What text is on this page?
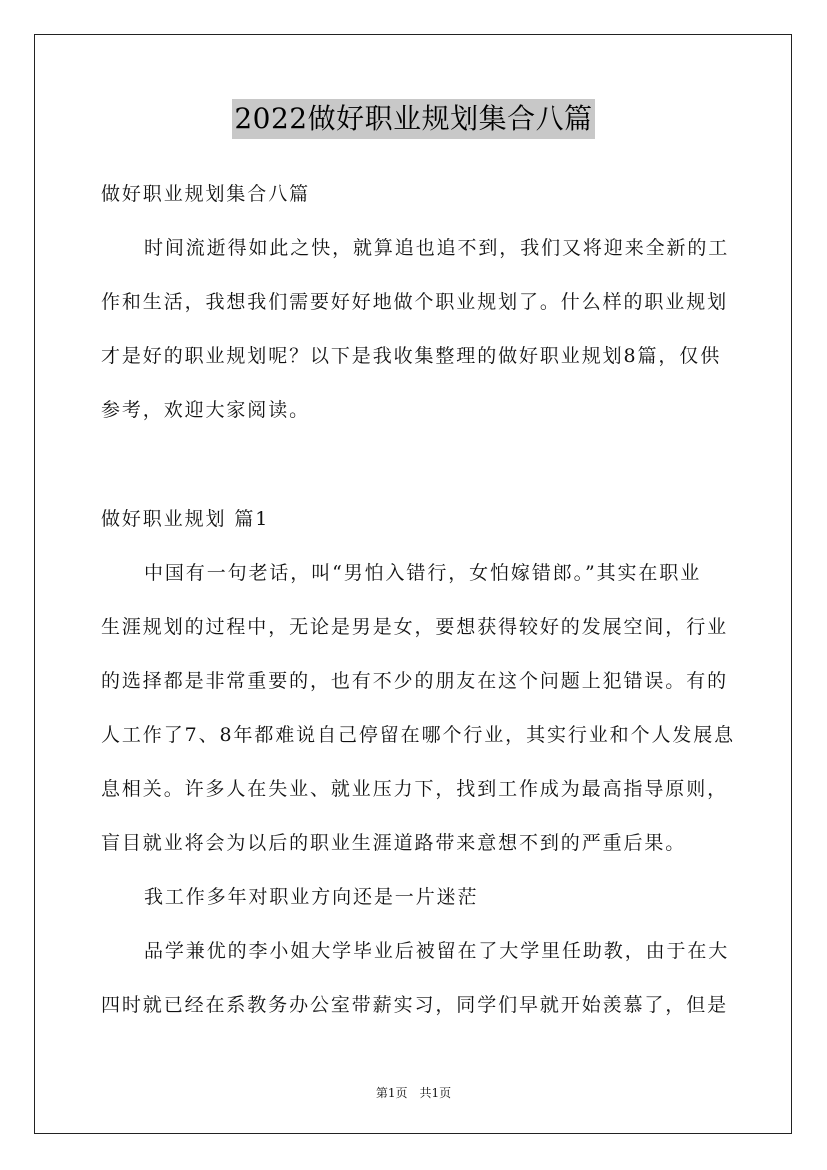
2022做好职业规划集合八篇
做好职业规划集合八篇
时间流逝得如此之快，就算追也追不到，我们又将迎来全新的工
作和生活，我想我们需要好好地做个职业规划了。什么样的职业规划
才是好的职业规划呢？以下是我收集整理的做好职业规划8篇，仅供
参考，欢迎大家阅读。
做好职业规划 篇1
中国有一句老话，叫“男怕入错行，女怕嫁错郎。”其实在职业
生涯规划的过程中，无论是男是女，要想获得较好的发展空间，行业
的选择都是非常重要的，也有不少的朋友在这个问题上犯错误。有的
人工作了7、8年都难说自己停留在哪个行业，其实行业和个人发展息
息相关。许多人在失业、就业压力下，找到工作成为最高指导原则，
盲目就业将会为以后的职业生涯道路带来意想不到的严重后果。
我工作多年对职业方向还是一片迷茫
品学兼优的李小姐大学毕业后被留在了大学里任助教，由于在大
四时就已经在系教务办公室带薪实习，同学们早就开始羡慕了，但是
第1页　共1页
